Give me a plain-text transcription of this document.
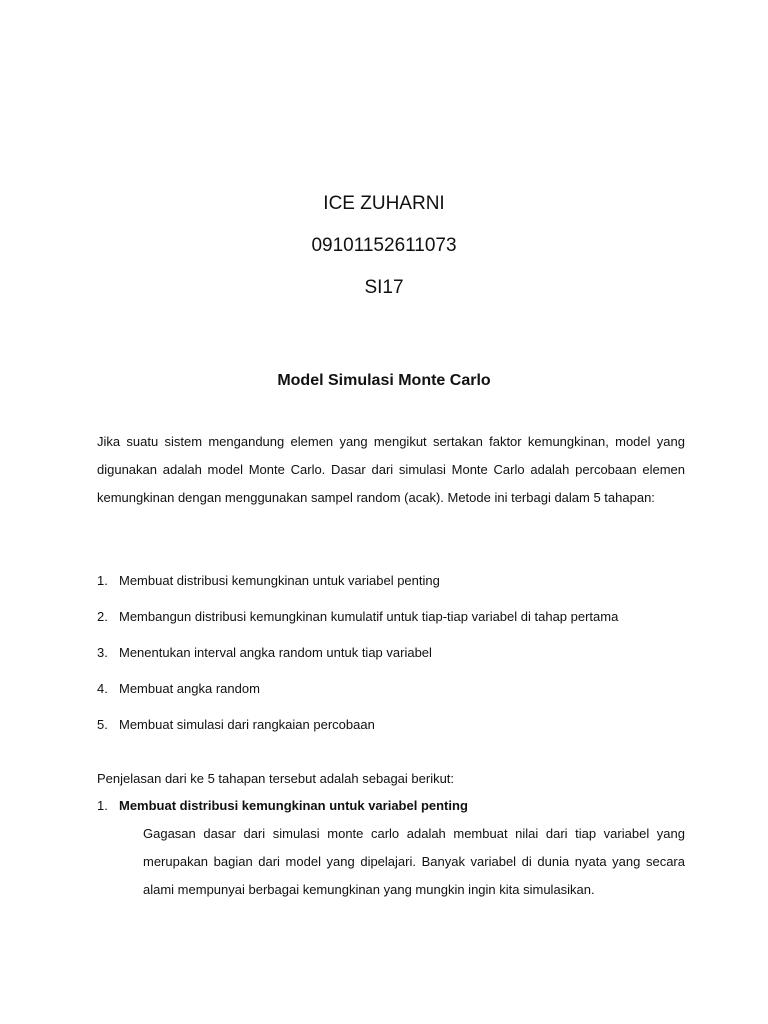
ICE ZUHARNI
09101152611073
SI17
Model Simulasi Monte Carlo
Jika suatu sistem mengandung elemen yang mengikut sertakan faktor kemungkinan, model yang digunakan adalah model Monte Carlo. Dasar dari simulasi Monte Carlo adalah percobaan elemen kemungkinan dengan menggunakan sampel random (acak). Metode ini terbagi dalam 5 tahapan:
1. Membuat distribusi kemungkinan untuk variabel penting
2. Membangun distribusi kemungkinan kumulatif untuk tiap-tiap variabel di tahap pertama
3. Menentukan interval angka random untuk tiap variabel
4. Membuat angka random
5. Membuat simulasi dari rangkaian percobaan
Penjelasan dari ke 5 tahapan tersebut adalah sebagai berikut:
1. Membuat distribusi kemungkinan untuk variabel penting
Gagasan dasar dari simulasi monte carlo adalah membuat nilai dari tiap variabel yang merupakan bagian dari model yang dipelajari. Banyak variabel di dunia nyata yang secara alami mempunyai berbagai kemungkinan yang mungkin ingin kita simulasikan.
